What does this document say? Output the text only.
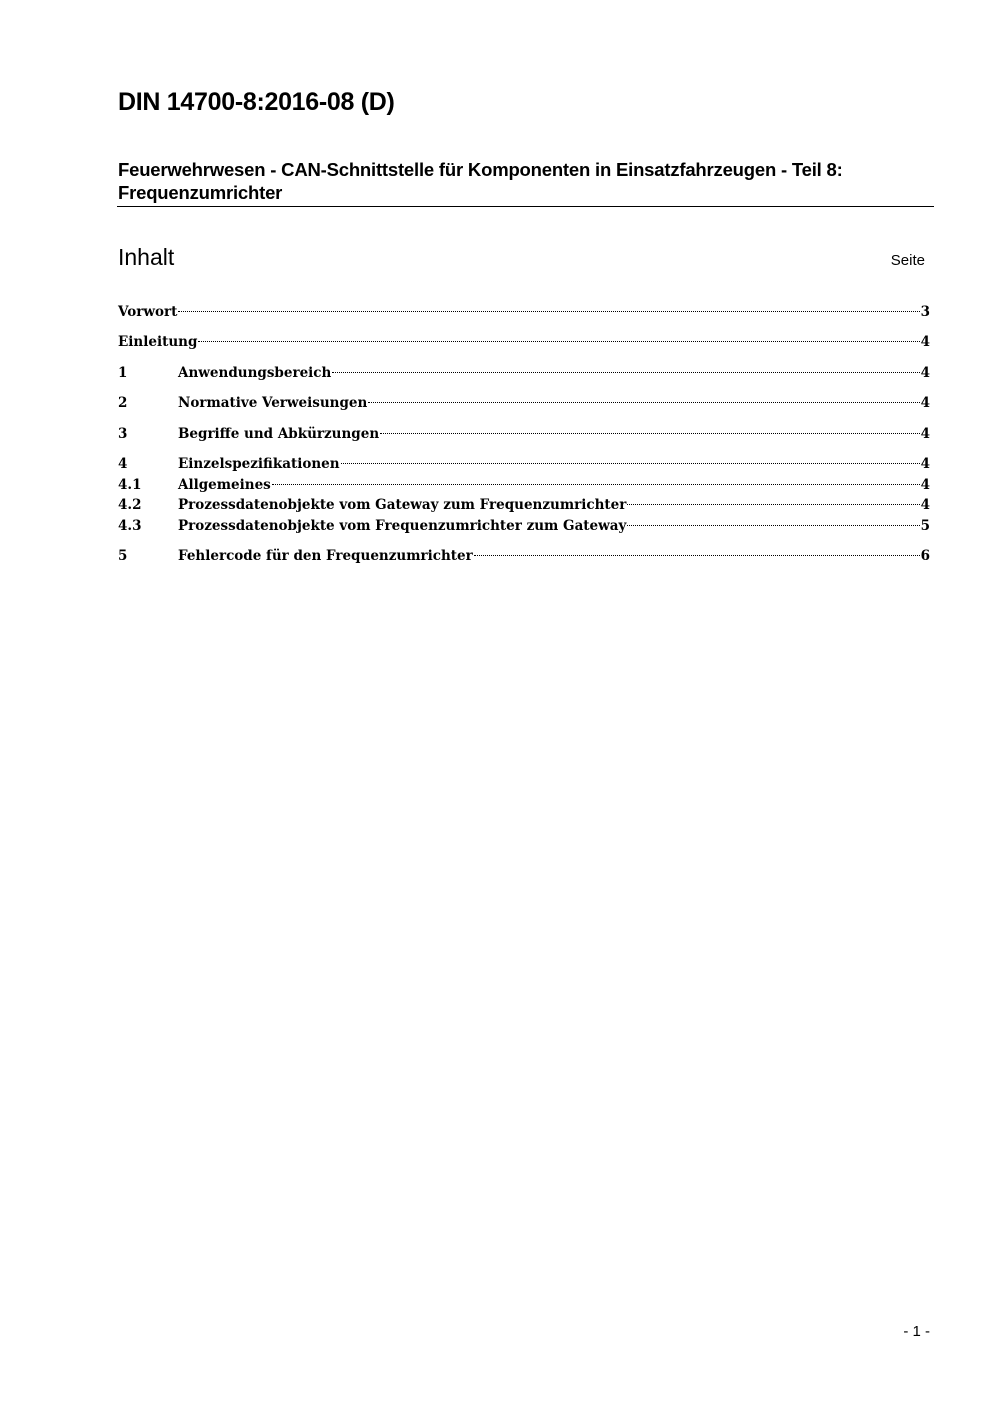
DIN 14700-8:2016-08 (D)
Feuerwehrwesen - CAN-Schnittstelle für Komponenten in Einsatzfahrzeugen - Teil 8: Frequenzumrichter
Inhalt	Seite
Vorwort	3
Einleitung	4
1	Anwendungsbereich	4
2	Normative Verweisungen	4
3	Begriffe und Abkürzungen	4
4	Einzelspezifikationen	4
4.1	Allgemeines	4
4.2	Prozessdatenobjekte vom Gateway zum Frequenzumrichter	4
4.3	Prozessdatenobjekte vom Frequenzumrichter zum Gateway	5
5	Fehlercode für den Frequenzumrichter	6
- 1 -
